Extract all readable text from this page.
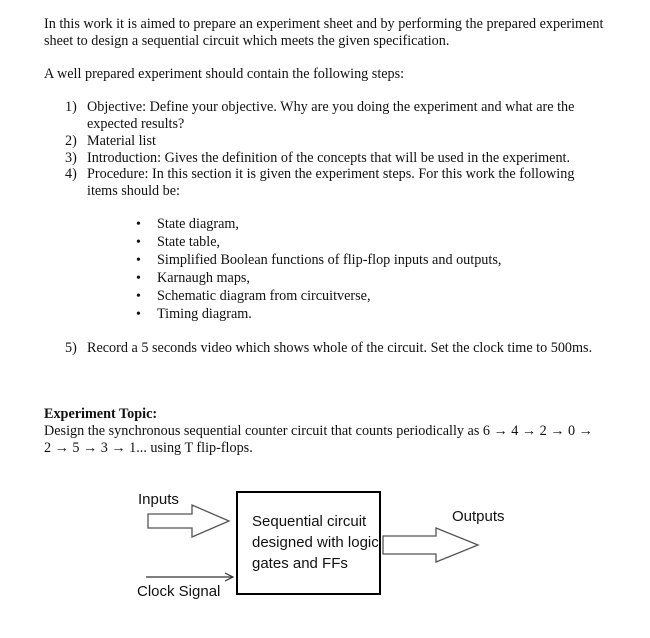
In this work it is aimed to prepare an experiment sheet and by performing the prepared experiment
sheet to design a sequential circuit which meets the given specification.
A well prepared experiment should contain the following steps:
1) Objective: Define your objective. Why are you doing the experiment and what are the
expected results?
2) Material list
3) Introduction: Gives the definition of the concepts that will be used in the experiment.
4) Procedure: In this section it is given the experiment steps. For this work the following
items should be:
• State diagram,
• State table,
• Simplified Boolean functions of flip-flop inputs and outputs,
• Karnaugh maps,
• Schematic diagram from circuitverse,
• Timing diagram.
5) Record a 5 seconds video which shows whole of the circuit. Set the clock time to 500ms.
Experiment Topic:
Design the synchronous sequential counter circuit that counts periodically as 6 → 4 → 2 → 0 →
2 → 5 → 3 → 1... using T flip-flops.
Inputs
Outputs
Clock Signal
Sequential circuit
designed with logic
gates and FFs
